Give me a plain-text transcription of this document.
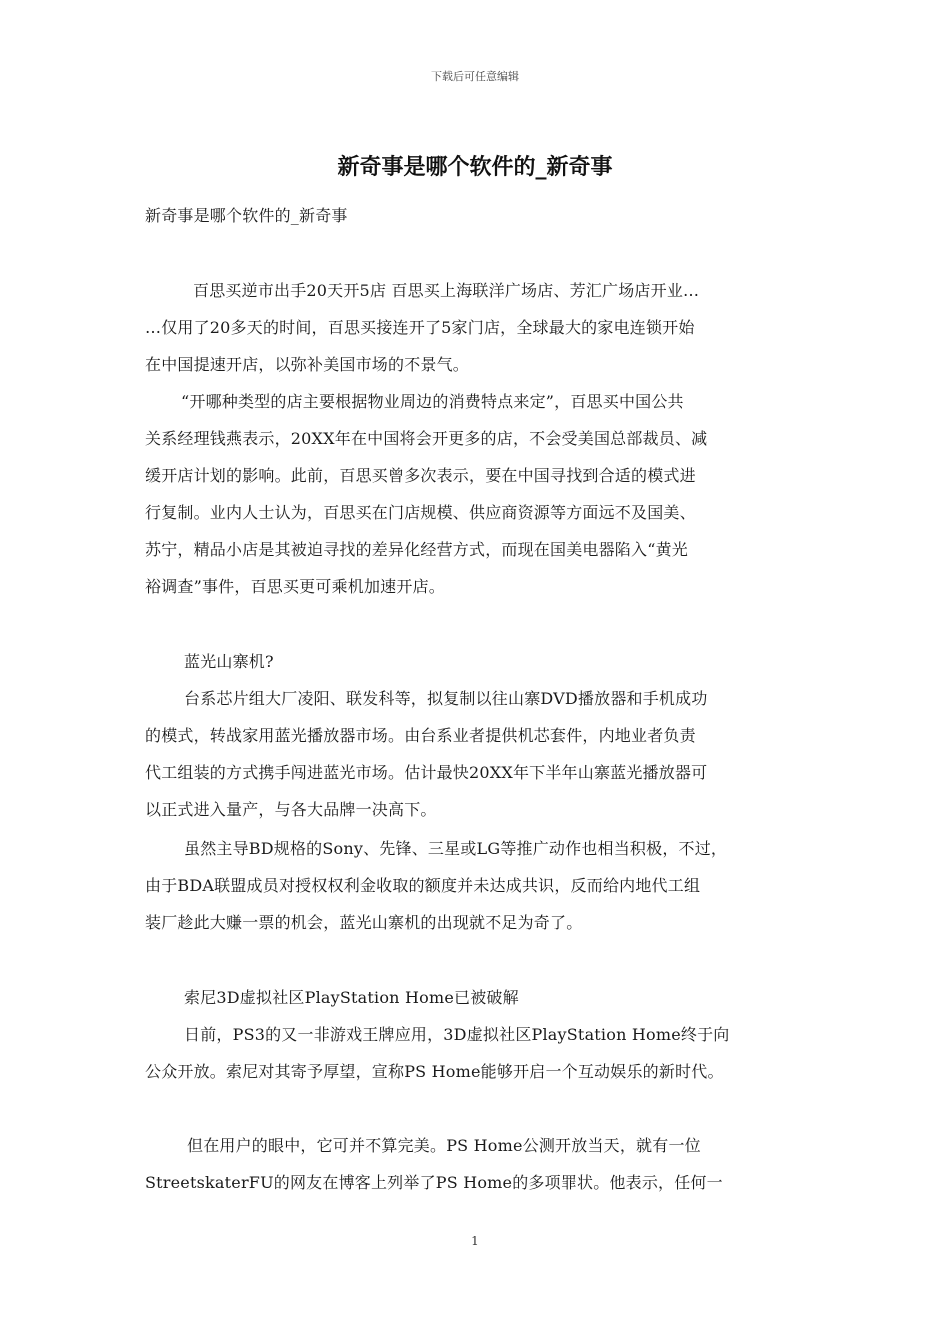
下载后可任意编辑
新奇事是哪个软件的_新奇事
新奇事是哪个软件的_新奇事
百思买逆市出手20天开5店 百思买上海联洋广场店、芳汇广场店开业…
…仅用了20多天的时间，百思买接连开了5家门店，全球最大的家电连锁开始
在中国提速开店，以弥补美国市场的不景气。
“开哪种类型的店主要根据物业周边的消费特点来定”，百思买中国公共
关系经理钱燕表示，20XX年在中国将会开更多的店，不会受美国总部裁员、减
缓开店计划的影响。此前，百思买曾多次表示，要在中国寻找到合适的模式进
行复制。业内人士认为，百思买在门店规模、供应商资源等方面远不及国美、
苏宁，精品小店是其被迫寻找的差异化经营方式，而现在国美电器陷入“黄光
裕调查”事件，百思买更可乘机加速开店。
蓝光山寨机?
台系芯片组大厂凌阳、联发科等，拟复制以往山寨DVD播放器和手机成功
的模式，转战家用蓝光播放器市场。由台系业者提供机芯套件，内地业者负责
代工组装的方式携手闯进蓝光市场。估计最快20XX年下半年山寨蓝光播放器可
以正式进入量产，与各大品牌一决高下。
虽然主导BD规格的Sony、先锋、三星或LG等推广动作也相当积极，不过，
由于BDA联盟成员对授权权利金收取的额度并未达成共识，反而给内地代工组
装厂趁此大赚一票的机会，蓝光山寨机的出现就不足为奇了。
索尼3D虚拟社区PlayStation Home已被破解
日前，PS3的又一非游戏王牌应用，3D虚拟社区PlayStation Home终于向
公众开放。索尼对其寄予厚望，宣称PS Home能够开启一个互动娱乐的新时代。
但在用户的眼中，它可并不算完美。PS Home公测开放当天，就有一位
StreetskaterFU的网友在博客上列举了PS Home的多项罪状。他表示，任何一
1
